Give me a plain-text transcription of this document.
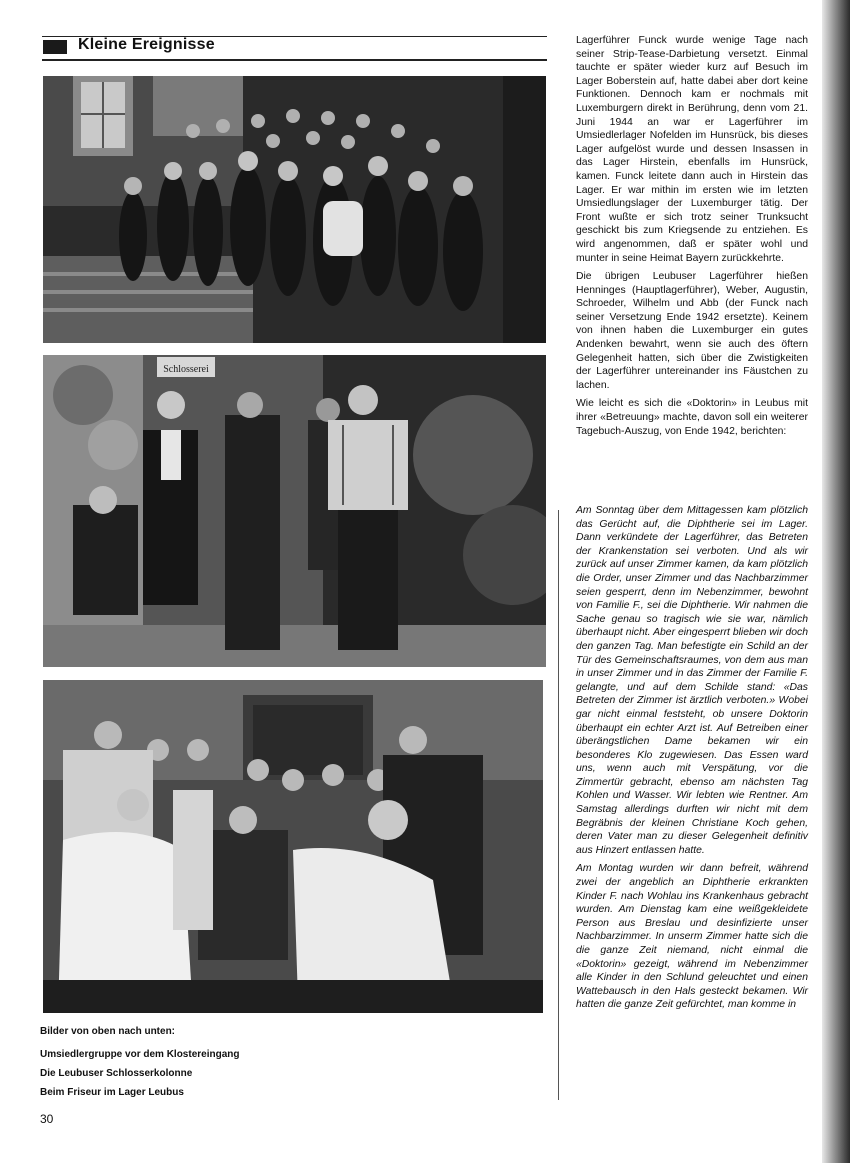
Kleine Ereignisse
Schlosserei
Bilder von oben nach unten:
Umsiedlergruppe vor dem Klostereingang
Die Leubuser Schlosserkolonne
Beim Friseur im Lager Leubus
30

Lagerführer Funck wurde wenige Tage nach seiner Strip-Tease-Darbietung versetzt. Einmal tauchte er später wieder kurz auf Besuch im Lager Boberstein auf, hatte dabei aber dort keine Funktionen. Dennoch kam er nochmals mit Luxemburgern direkt in Berührung, denn vom 21. Juni 1944 an war er Lagerführer im Umsiedlerlager Nofelden im Hunsrück, bis dieses Lager aufgelöst wurde und dessen Insassen in das Lager Hirstein, ebenfalls im Hunsrück, kamen. Funck leitete dann auch in Hirstein das Lager. Er war mithin im ersten wie im letzten Umsiedlungslager der Luxemburger tätig. Der Front wußte er sich trotz seiner Trunksucht geschickt bis zum Kriegsende zu entziehen. Es wird angenommen, daß er später wohl und munter in seine Heimat Bayern zurückkehrte.

Die übrigen Leubuser Lagerführer hießen Henninges (Hauptlagerführer), Weber, Augustin, Schroeder, Wilhelm und Abb (der Funck nach seiner Versetzung Ende 1942 ersetzte). Keinem von ihnen haben die Luxemburger ein gutes Andenken bewahrt, wenn sie auch des öftern Gelegenheit hatten, sich über die Zwistigkeiten der Lagerführer untereinander ins Fäustchen zu lachen.

Wie leicht es sich die «Doktorin» in Leubus mit ihrer «Betreuung» machte, davon soll ein weiterer Tagebuch-Auszug, von Ende 1942, berichten:

Am Sonntag über dem Mittagessen kam plötzlich das Gerücht auf, die Diphtherie sei im Lager. Dann verkündete der Lagerführer, das Betreten der Krankenstation sei verboten. Und als wir zurück auf unser Zimmer kamen, da kam plötzlich die Order, unser Zimmer und das Nachbarzimmer seien gesperrt, denn im Nebenzimmer, bewohnt von Familie F., sei die Diphtherie. Wir nahmen die Sache genau so tragisch wie sie war, nämlich überhaupt nicht. Aber eingesperrt blieben wir doch den ganzen Tag. Man befestigte ein Schild an der Tür des Gemeinschaftsraumes, von dem aus man in unser Zimmer und in das Zimmer der Familie F. gelangte, und auf dem Schilde stand: «Das Betreten der Zimmer ist ärztlich verboten.» Wobei gar nicht einmal feststeht, ob unsere Doktorin überhaupt ein echter Arzt ist. Auf Betreiben einer überängstlichen Dame bekamen wir ein besonderes Klo zugewiesen. Das Essen ward uns, wenn auch mit Verspätung, vor die Zimmertür gebracht, ebenso am nächsten Tag Kohlen und Wasser. Wir lebten wie Rentner. Am Samstag allerdings durften wir nicht mit dem Begräbnis der kleinen Christiane Koch gehen, deren Vater man zu dieser Gelegenheit definitiv aus Hinzert entlassen hatte.

Am Montag wurden wir dann befreit, während zwei der angeblich an Diphtherie erkrankten Kinder F. nach Wohlau ins Krankenhaus gebracht wurden. Am Dienstag kam eine weißgekleidete Person aus Breslau und desinfizierte unser Nachbarzimmer. In unserm Zimmer hatte sich die die ganze Zeit niemand, nicht einmal die «Doktorin» gezeigt, während im Nebenzimmer alle Kinder in den Schlund geleuchtet und einen Wattebausch in den Hals gesteckt bekamen. Wir hatten die ganze Zeit gefürchtet, man komme in
